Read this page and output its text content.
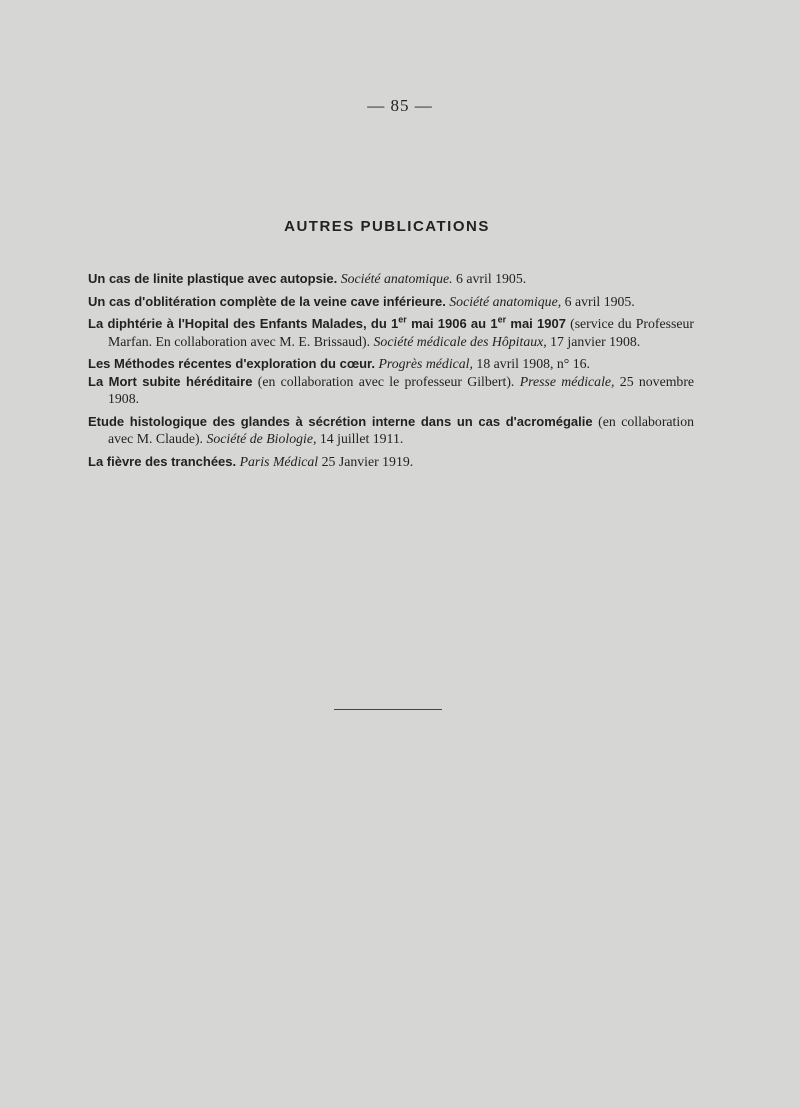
— 85 —
AUTRES PUBLICATIONS

Un cas de linite plastique avec autopsie. Société anatomique. 6 avril 1905.

Un cas d'oblitération complète de la veine cave inférieure. Société anatomique, 6 avril 1905.

La diphtérie à l'Hopital des Enfants Malades, du 1er mai 1906 au 1er mai 1907 (service du Professeur Marfan. En collaboration avec M. E. Brissaud). Société médicale des Hôpitaux, 17 janvier 1908.

Les Méthodes récentes d'exploration du cœur. Progrès médical, 18 avril 1908, n° 16.

La Mort subite héréditaire (en collaboration avec le professeur Gilbert). Presse médicale, 25 novembre 1908.

Etude histologique des glandes à sécrétion interne dans un cas d'acromégalie (en collaboration avec M. Claude). Société de Biologie, 14 juillet 1911.

La fièvre des tranchées. Paris Médical 25 Janvier 1919.
